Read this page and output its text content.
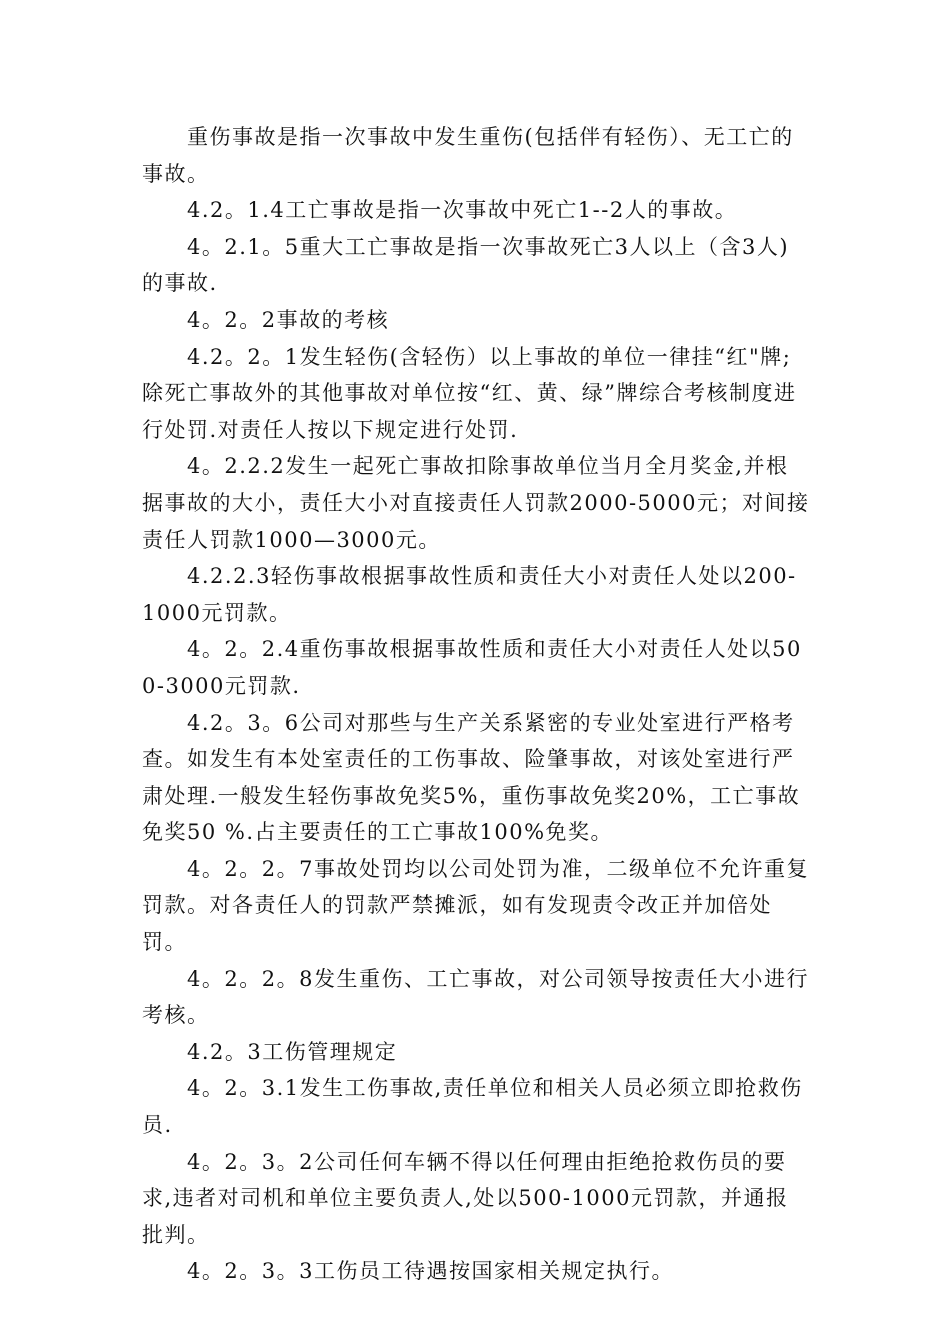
重伤事故是指一次事故中发生重伤(包括伴有轻伤）、无工亡的事故。

4.2。1.4工亡事故是指一次事故中死亡1--2人的事故。

4。2.1。5重大工亡事故是指一次事故死亡3人以上（含3人)的事故.

4。2。2事故的考核

4.2。2。1发生轻伤(含轻伤）以上事故的单位一律挂“红"牌;除死亡事故外的其他事故对单位按“红、黄、绿”牌综合考核制度进行处罚.对责任人按以下规定进行处罚.

4。2.2.2发生一起死亡事故扣除事故单位当月全月奖金,并根据事故的大小，责任大小对直接责任人罚款2000-5000元；对间接责任人罚款1000—3000元。

4.2.2.3轻伤事故根据事故性质和责任大小对责任人处以200-1000元罚款。

4。2。2.4重伤事故根据事故性质和责任大小对责任人处以500-3000元罚款.

4.2。3。6公司对那些与生产关系紧密的专业处室进行严格考查。如发生有本处室责任的工伤事故、险肇事故，对该处室进行严肃处理.一般发生轻伤事故免奖5%，重伤事故免奖20%，工亡事故免奖50 %.占主要责任的工亡事故100%免奖。

4。2。2。7事故处罚均以公司处罚为准，二级单位不允许重复罚款。对各责任人的罚款严禁摊派，如有发现责令改正并加倍处罚。

4。2。2。8发生重伤、工亡事故，对公司领导按责任大小进行考核。

4.2。3工伤管理规定

4。2。3.1发生工伤事故,责任单位和相关人员必须立即抢救伤员.

4。2。3。2公司任何车辆不得以任何理由拒绝抢救伤员的要求,违者对司机和单位主要负责人,处以500-1000元罚款，并通报批判。

4。2。3。3工伤员工待遇按国家相关规定执行。
